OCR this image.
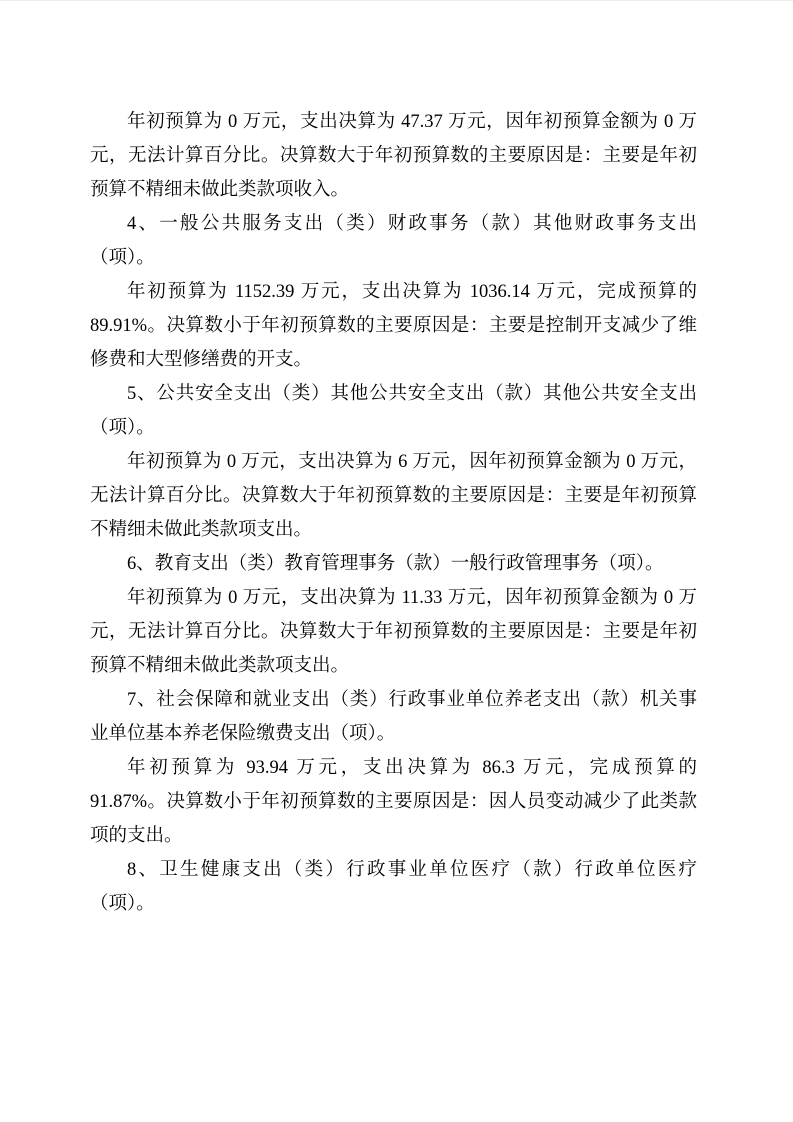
年初预算为 0 万元，支出决算为 47.37 万元，因年初预算金额为 0 万
元，无法计算百分比。决算数大于年初预算数的主要原因是：主要是年初
预算不精细未做此类款项收入。
4、一般公共服务支出（类）财政事务（款）其他财政事务支出
（项）。
年初预算为 1152.39 万元，支出决算为 1036.14 万元，完成预算的
89.91%。决算数小于年初预算数的主要原因是：主要是控制开支减少了维
修费和大型修缮费的开支。
5、公共安全支出（类）其他公共安全支出（款）其他公共安全支出
（项）。
年初预算为 0 万元，支出决算为 6 万元，因年初预算金额为 0 万元，
无法计算百分比。决算数大于年初预算数的主要原因是：主要是年初预算
不精细未做此类款项支出。
6、教育支出（类）教育管理事务（款）一般行政管理事务（项）。
年初预算为 0 万元，支出决算为 11.33 万元，因年初预算金额为 0 万
元，无法计算百分比。决算数大于年初预算数的主要原因是：主要是年初
预算不精细未做此类款项支出。
7、社会保障和就业支出（类）行政事业单位养老支出（款）机关事
业单位基本养老保险缴费支出（项）。
年初预算为 93.94 万元，支出决算为 86.3 万元，完成预算的
91.87%。决算数小于年初预算数的主要原因是：因人员变动减少了此类款
项的支出。
8、卫生健康支出（类）行政事业单位医疗（款）行政单位医疗
（项）。
